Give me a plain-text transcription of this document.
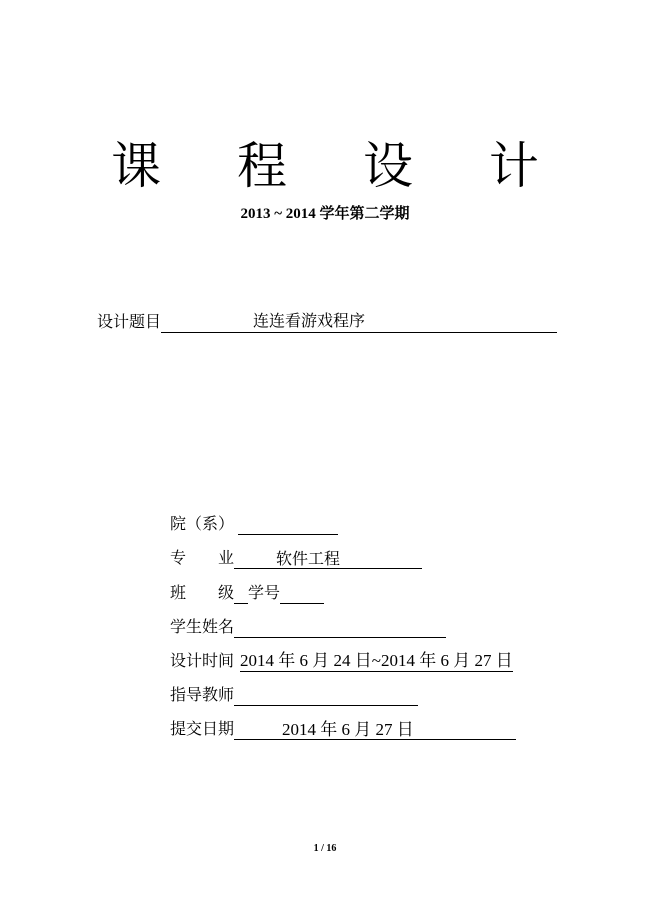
课 程 设 计
2013 ~ 2014 学年第二学期
设计题目	连连看游戏程序
院（系）
专　　业	软件工程
班　　级 学号
学生姓名
设计时间 2014 年 6 月 24 日~2014 年 6 月 27 日
指导教师
提交日期	2014 年 6 月 27 日
1 / 16
